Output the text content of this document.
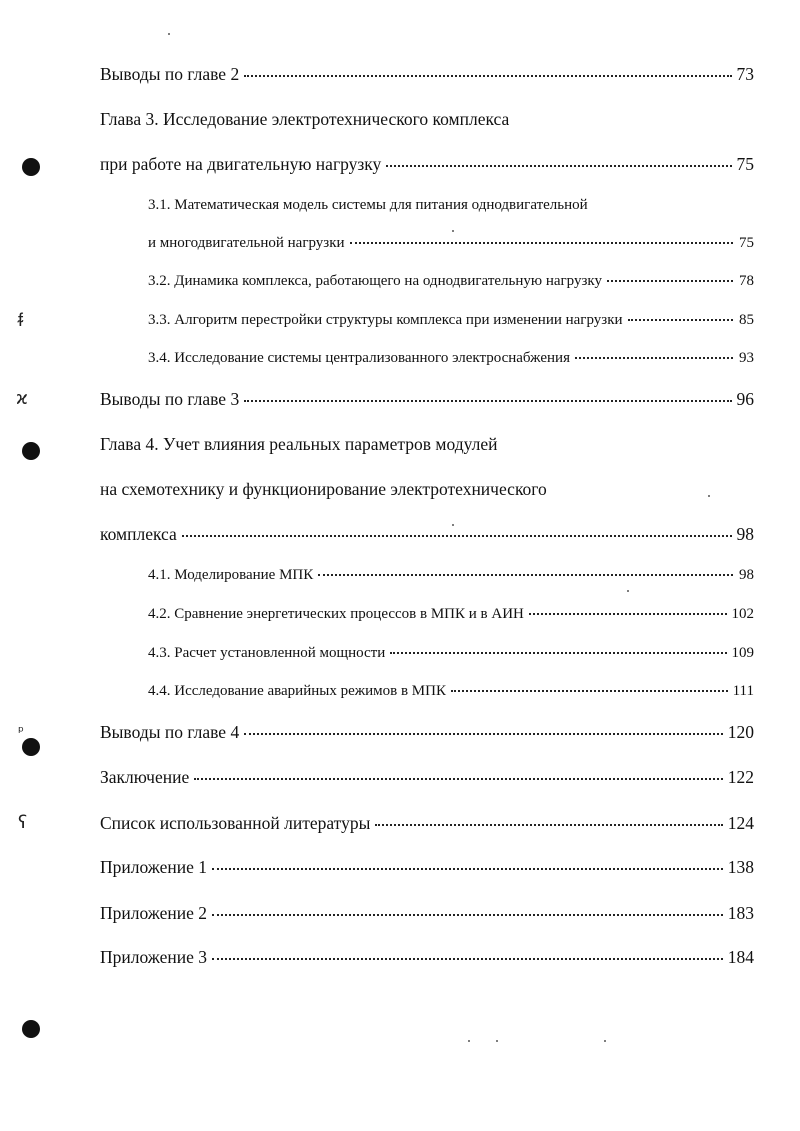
ᵮ
ϰ
ᵖ
ʕ
Выводы по главе 2	73
Глава 3. Исследование электротехнического комплекса
при работе на двигательную нагрузку	75
3.1. Математическая модель системы для питания однодвигательной
и многодвигательной нагрузки	75
3.2. Динамика комплекса, работающего на однодвигательную нагрузку	78
3.3. Алгоритм перестройки структуры комплекса при изменении нагрузки	85
3.4. Исследование системы централизованного электроснабжения	93
Выводы по главе 3	96
Глава 4. Учет влияния реальных параметров модулей
на схемотехнику и функционирование электротехнического
комплекса	98
4.1. Моделирование МПК	98
4.2. Сравнение энергетических процессов в МПК и в АИН	102
4.3. Расчет установленной мощности	109
4.4. Исследование аварийных режимов в МПК	111
Выводы по главе 4	120
Заключение	122
Список использованной литературы	124
Приложение 1	138
Приложение 2	183
Приложение 3	184
